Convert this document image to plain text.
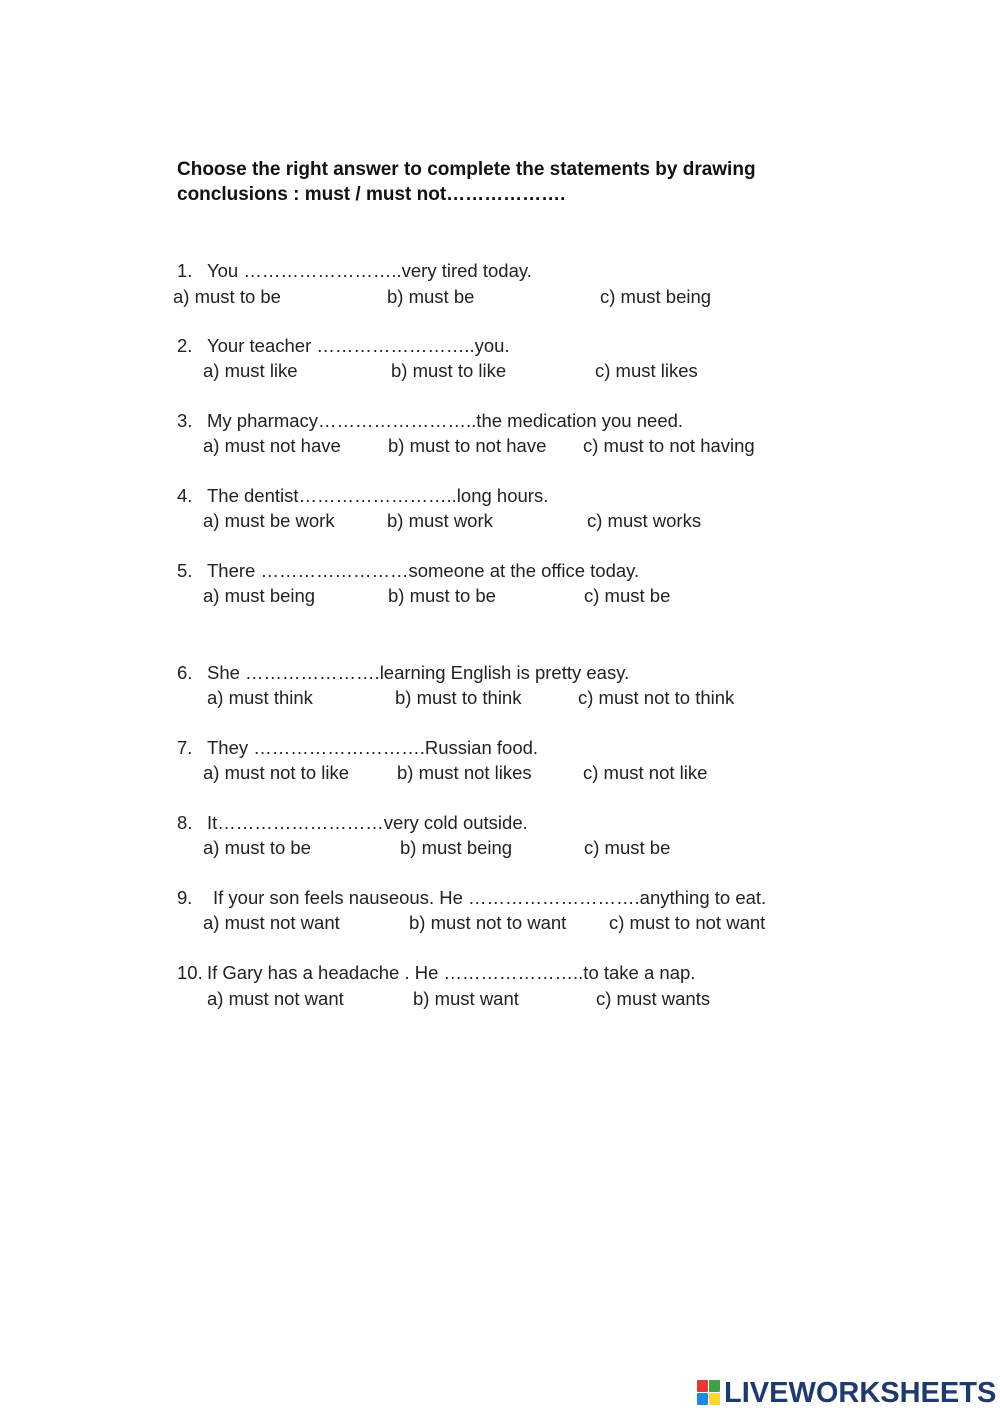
Choose the right answer to complete the statements by drawing
conclusions : must / must not……………….
1. You ……………………..very tired today.
a) must to be	b) must be	c) must being
2. Your teacher ……………………..you.
a) must like	b) must to like	c) must likes
3. My pharmacy……………………..the medication you need.
a) must not have	b) must to not have c) must to not having
4. The dentist……………………..long hours.
a) must be work	b) must work	c) must works
5. There ……………………someone at the office today.
a) must being	b) must to be	c) must be
6. She ………………….learning English is pretty easy.
a) must think	b) must to think	c) must not to think
7. They ……………………….Russian food.
a) must not to like	b) must not likes	c) must not like
8. It………………………very cold outside.
a) must to be	b) must being	c) must be
9. If your son feels nauseous. He ……………………….anything to eat.
a) must not want	b) must not to want c) must to not want
10. If Gary has a headache . He …………………..to take a nap.
a) must not want	b) must want	c) must wants
LIVEWORKSHEETS
